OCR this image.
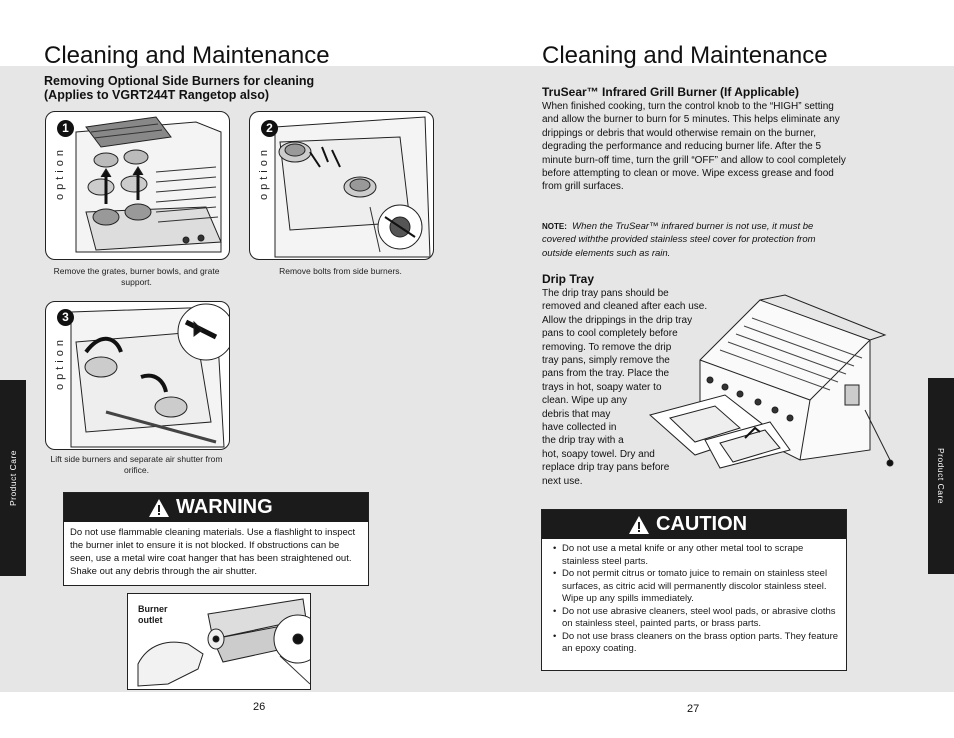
Cleaning and Maintenance
Removing Optional Side Burners for cleaning
(Applies to VGRT244T Rangetop also)
Product Care
1
option
Remove the grates, burner bowls, and grate support.
2
option
Remove bolts from side burners.
3
option
Lift side burners and separate air shutter from orifice.
WARNING
Do not use flammable cleaning materials. Use a flashlight to inspect the burner inlet to ensure it is not blocked. If obstructions can be seen, use a metal wire coat hanger that has been straightened out. Shake out any debris through the air shutter.
Burner outlet
26
Cleaning and Maintenance
TruSear™ Infrared Grill Burner (If Applicable)
When finished cooking, turn the control knob to the “HIGH” setting and allow the burner to burn for 5 minutes. This helps eliminate any drippings or debris that would otherwise remain on the burner, degrading the performance and reducing burner life. After the 5 minute burn-off time, turn the grill “OFF” and allow to cool completely before attempting to clean or move. Wipe excess grease and food from grill surfaces.
NOTE: When the TruSear™ infrared burner is not use, it must be covered withthe provided stainless steel cover for protection from outside elements such as rain.
Drip Tray
The drip tray pans should be
removed and cleaned after each use.
Allow the drippings in the drip tray
pans to cool completely before
removing. To remove the drip
tray pans, simply remove the
pans from the tray. Place the
trays in hot, soapy water to
clean. Wipe up any
debris that may
have collected in
the drip tray with a
hot, soapy towel. Dry and
replace drip tray pans before
next use.	Product Care
CAUTION
• Do not use a metal knife or any other metal tool to scrape stainless steel parts.
• Do not permit citrus or tomato juice to remain on stainless steel surfaces, as citric acid will permanently discolor stainless steel. Wipe up any spills immediately.
• Do not use abrasive cleaners, steel wool pads, or abrasive cloths on stainless steel, painted parts, or brass parts.
• Do not use brass cleaners on the brass option parts. They feature an epoxy coating.
27
